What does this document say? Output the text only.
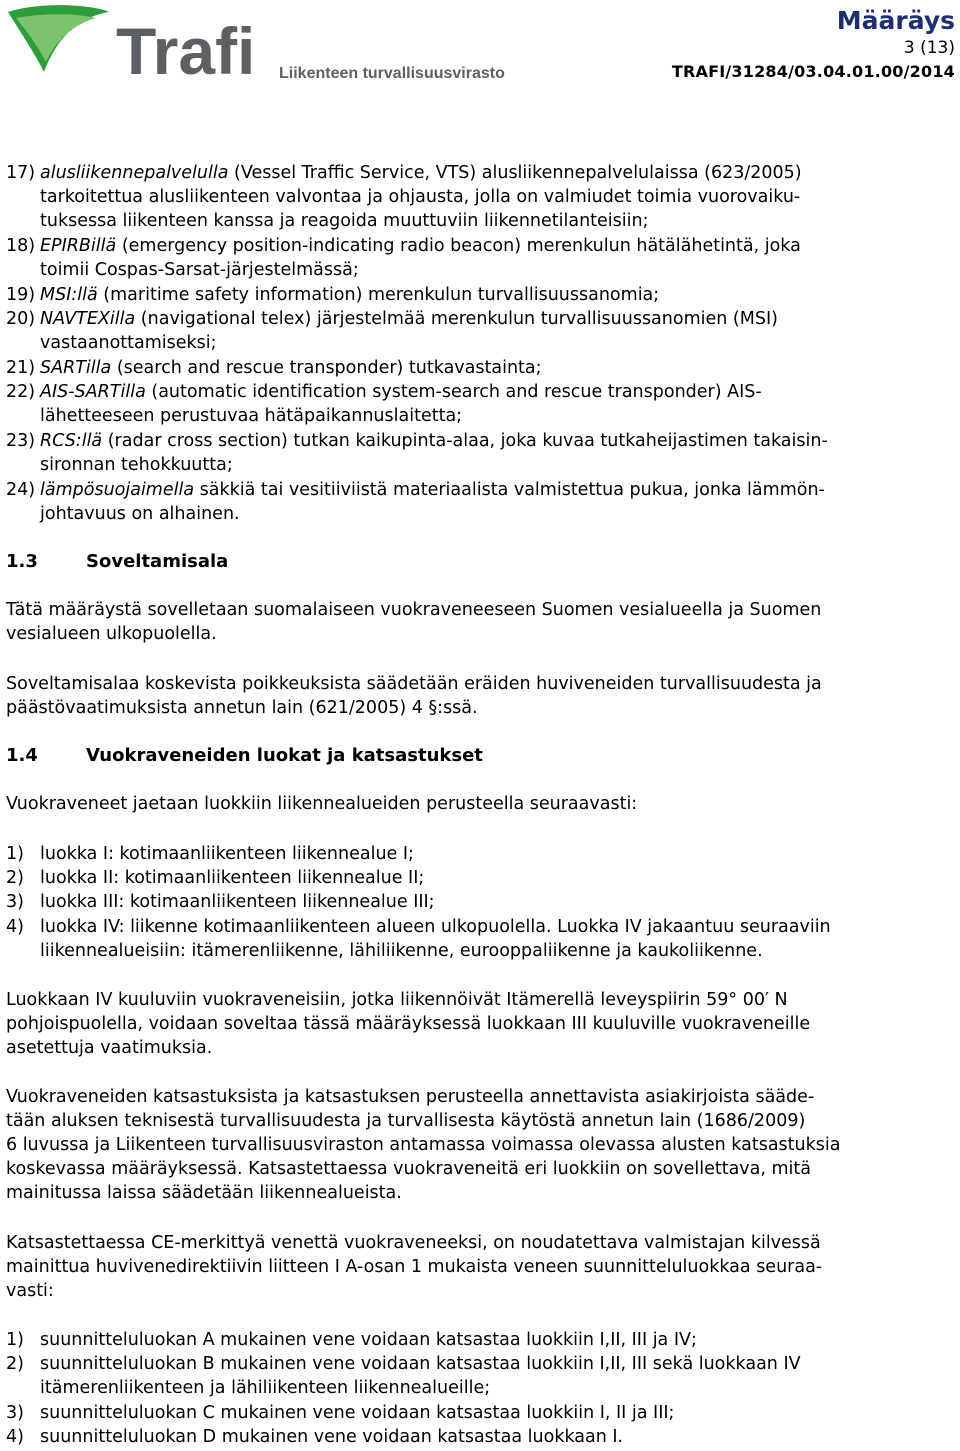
Trafi Liikenteen turvallisuusvirasto
Määräys
3 (13)
TRAFI/31284/03.04.01.00/2014
17) alusliikennepalvelulla (Vessel Traffic Service, VTS) alusliikennepalvelulaissa (623/2005)
tarkoitettua alusliikenteen valvontaa ja ohjausta, jolla on valmiudet toimia vuorovaiku-
tuksessa liikenteen kanssa ja reagoida muuttuviin liikennetilanteisiin;
18) EPIRBillä (emergency position-indicating radio beacon) merenkulun hätälähetintä, joka
toimii Cospas-Sarsat-järjestelmässä;
19) MSI:llä (maritime safety information) merenkulun turvallisuussanomia;
20) NAVTEXilla (navigational telex) järjestelmää merenkulun turvallisuussanomien (MSI)
vastaanottamiseksi;
21) SARTilla (search and rescue transponder) tutkavastainta;
22) AIS-SARTilla (automatic identification system-search and rescue transponder) AIS-
lähetteeseen perustuvaa hätäpaikannuslaitetta;
23) RCS:llä (radar cross section) tutkan kaikupinta-alaa, joka kuvaa tutkaheijastimen takaisin-
sironnan tehokkuutta;
24) lämpösuojaimella säkkiä tai vesitiiviistä materiaalista valmistettua pukua, jonka lämmön-
johtavuus on alhainen.
1.3	Soveltamisala
Tätä määräystä sovelletaan suomalaiseen vuokraveneeseen Suomen vesialueella ja Suomen
vesialueen ulkopuolella.
Soveltamisalaa koskevista poikkeuksista säädetään eräiden huviveneiden turvallisuudesta ja
päästövaatimuksista annetun lain (621/2005) 4 §:ssä.
1.4	Vuokraveneiden luokat ja katsastukset
Vuokraveneet jaetaan luokkiin liikennealueiden perusteella seuraavasti:
1) luokka I: kotimaanliikenteen liikennealue I;
2) luokka II: kotimaanliikenteen liikennealue II;
3) luokka III: kotimaanliikenteen liikennealue III;
4) luokka IV: liikenne kotimaanliikenteen alueen ulkopuolella. Luokka IV jakaantuu seuraaviin
liikennealueisiin: itämerenliikenne, lähiliikenne, eurooppaliikenne ja kaukoliikenne.
Luokkaan IV kuuluviin vuokraveneisiin, jotka liikennöivät Itämerellä leveyspiirin 59° 00′ N
pohjoispuolella, voidaan soveltaa tässä määräyksessä luokkaan III kuuluville vuokraveneille
asetettuja vaatimuksia.
Vuokraveneiden katsastuksista ja katsastuksen perusteella annettavista asiakirjoista sääde-
tään aluksen teknisestä turvallisuudesta ja turvallisesta käytöstä annetun lain (1686/2009)
6 luvussa ja Liikenteen turvallisuusviraston antamassa voimassa olevassa alusten katsastuksia
koskevassa määräyksessä. Katsastettaessa vuokraveneitä eri luokkiin on sovellettava, mitä
mainitussa laissa säädetään liikennealueista.
Katsastettaessa CE-merkittyä venettä vuokraveneeksi, on noudatettava valmistajan kilvessä
mainittua huvivenedirektiivin liitteen I A-osan 1 mukaista veneen suunnitteluluokkaa seuraa-
vasti:
1) suunnitteluluokan A mukainen vene voidaan katsastaa luokkiin I,II, III ja IV;
2) suunnitteluluokan B mukainen vene voidaan katsastaa luokkiin I,II, III sekä luokkaan IV
itämerenliikenteen ja lähiliikenteen liikennealueille;
3) suunnitteluluokan C mukainen vene voidaan katsastaa luokkiin I, II ja III;
4) suunnitteluluokan D mukainen vene voidaan katsastaa luokkaan I.
